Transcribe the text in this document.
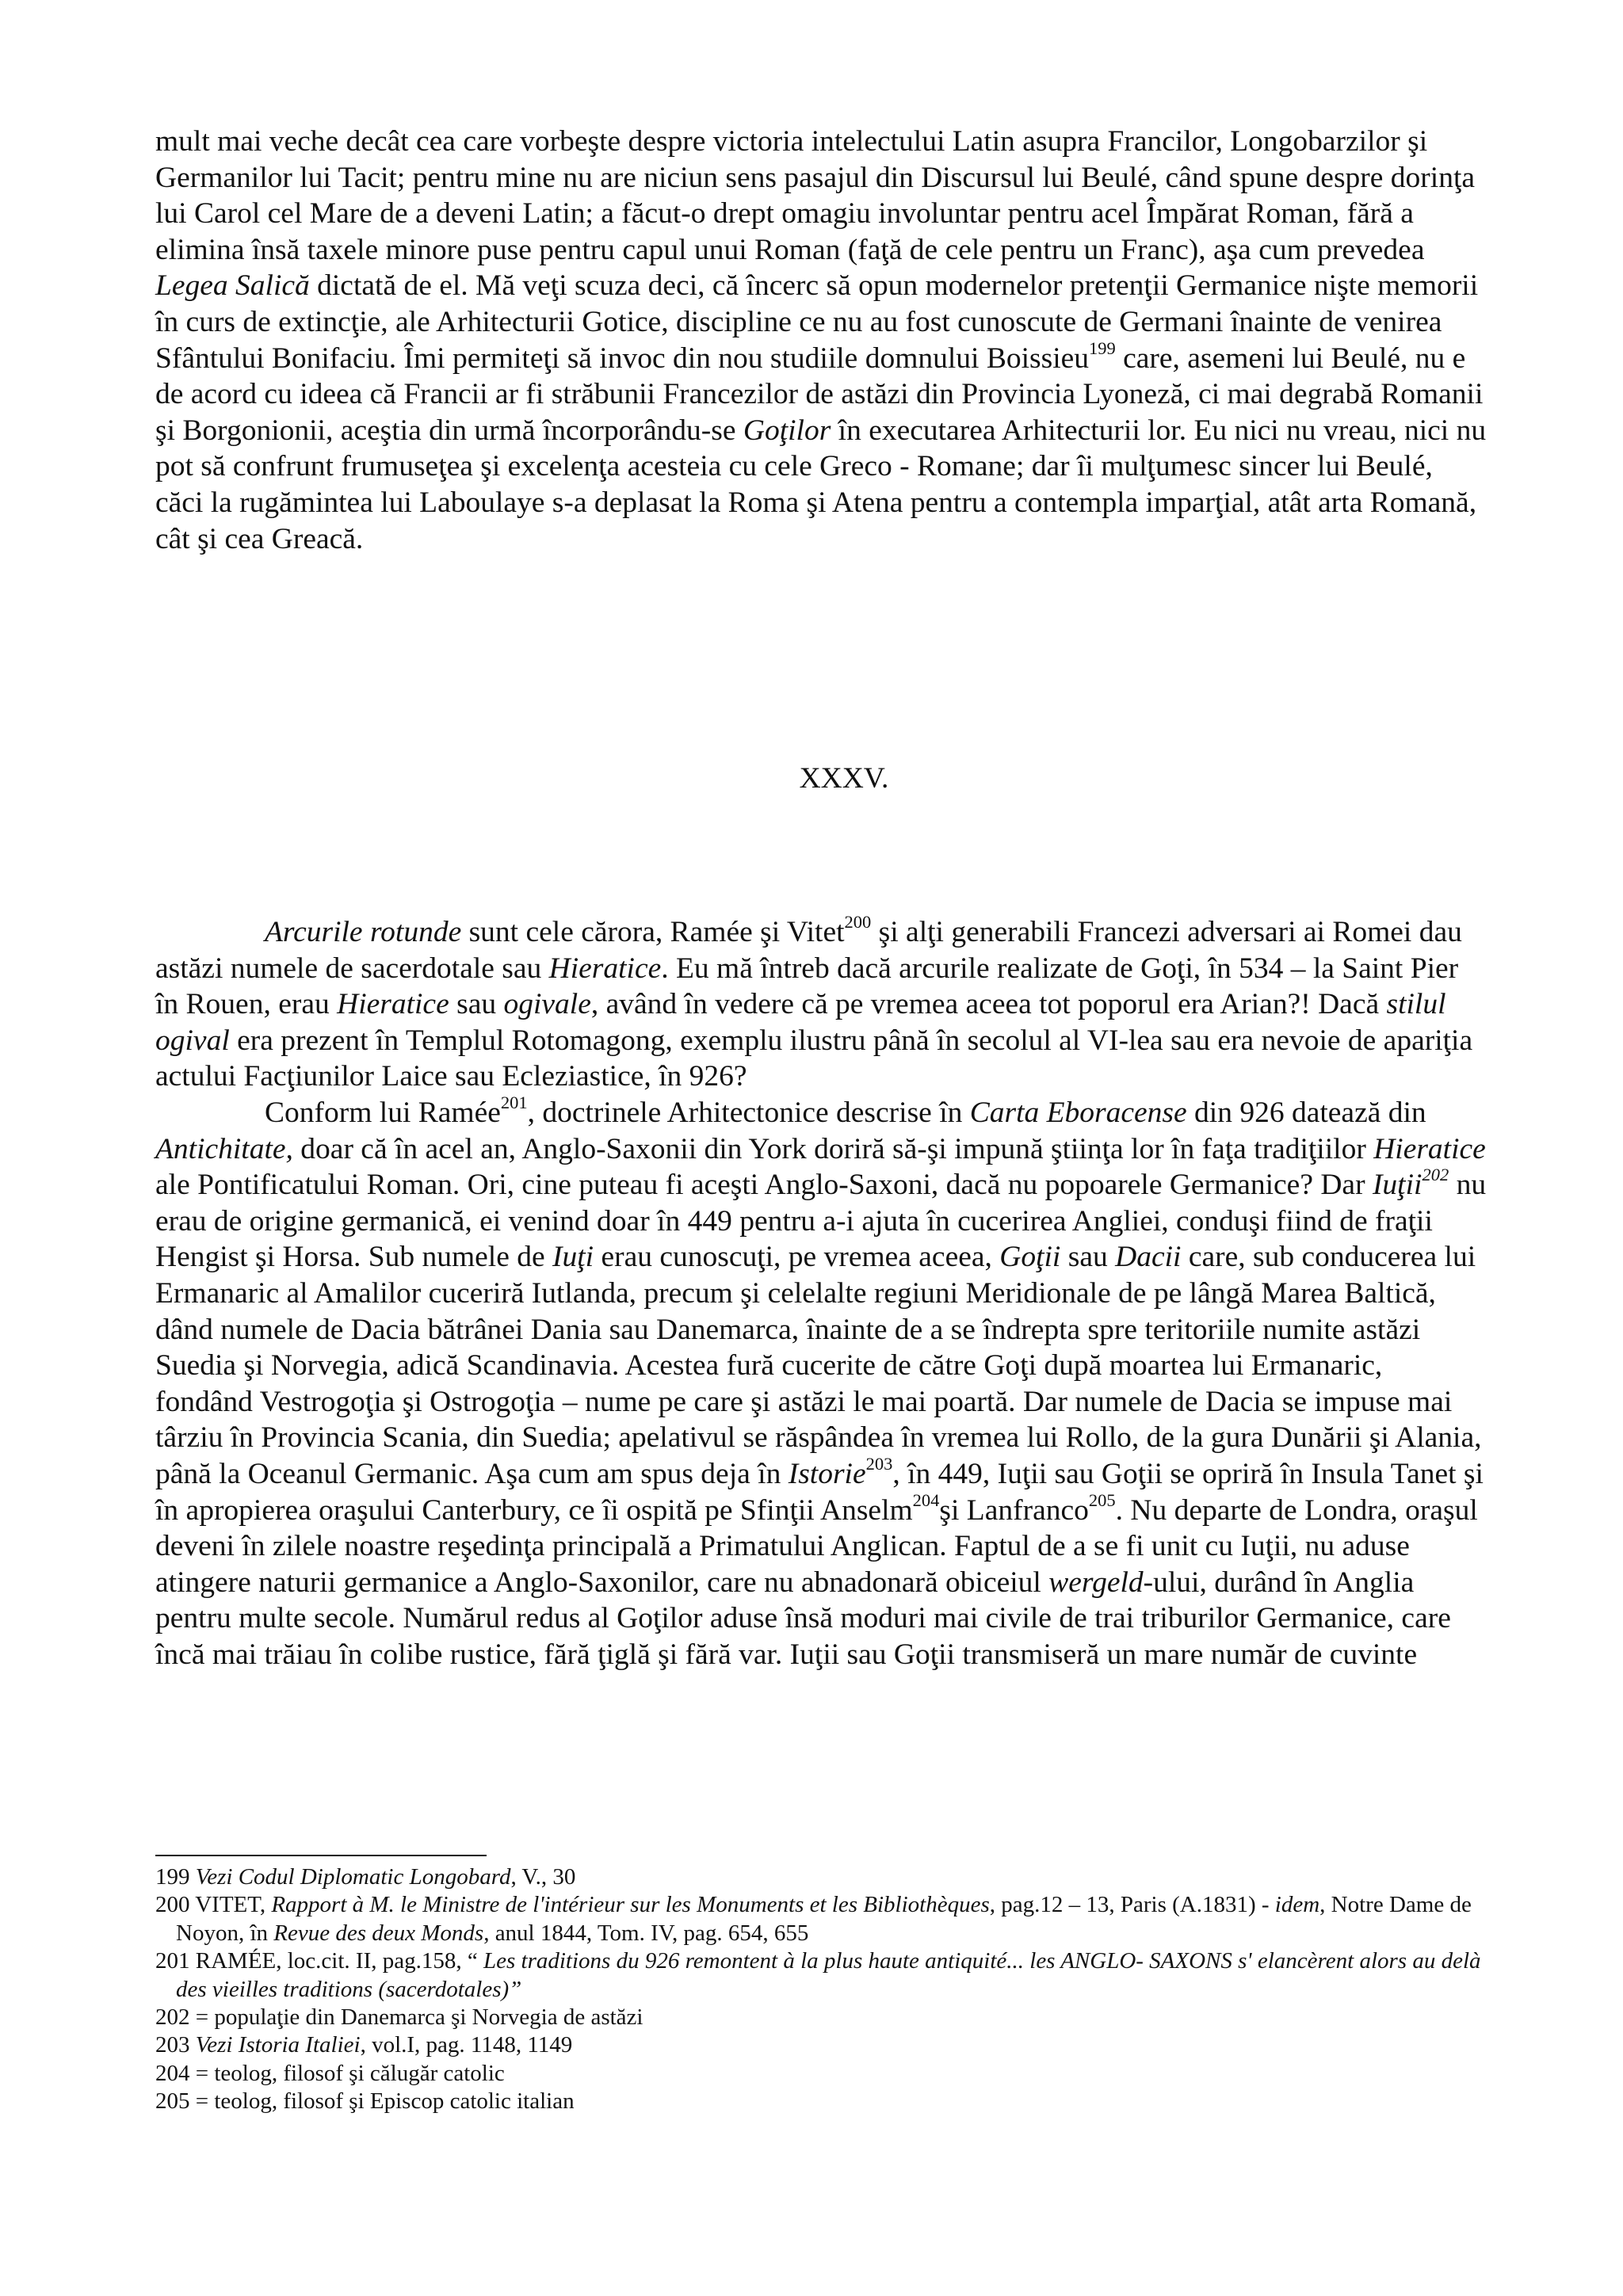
mult mai veche decât cea care vorbeşte despre victoria intelectului Latin asupra Francilor, Longobarzilor şi Germanilor lui Tacit; pentru mine nu are niciun sens pasajul din Discursul lui Beulé, când spune despre dorinţa lui Carol cel Mare de a deveni Latin; a făcut-o drept omagiu involuntar pentru acel Împărat Roman, fără a elimina însă taxele minore puse pentru capul unui Roman (faţă de cele pentru un Franc), aşa cum prevedea Legea Salică dictată de el. Mă veţi scuza deci, că încerc să opun modernelor pretenţii Germanice nişte memorii în curs de extincţie, ale Arhitecturii Gotice, discipline ce nu au fost cunoscute de Germani înainte de venirea Sfântului Bonifaciu. Îmi permiteţi să invoc din nou studiile domnului Boissieu$^{199}$ care, asemeni lui Beulé, nu e de acord cu ideea că Francii ar fi străbunii Francezilor de astăzi din Provincia Lyoneză, ci mai degrabă Romanii şi Borgonionii, aceştia din urmă încorporându-se Goţilor în executarea Arhitecturii lor. Eu nici nu vreau, nici nu pot să confrunt frumuseţea şi excelenţa acesteia cu cele Greco - Romane; dar îi mulţumesc sincer lui Beulé, căci la rugămintea lui Laboulaye s-a deplasat la Roma şi Atena pentru a contempla imparţial, atât arta Romană, cât şi cea Greacă.

XXXV.

Arcurile rotunde sunt cele cărora, Ramée şi Vitet$^{200}$ şi alţi generabili Francezi adversari ai Romei dau astăzi numele de sacerdotale sau Hieratice. Eu mă întreb dacă arcurile realizate de Goţi, în 534 – la Saint Pier în Rouen, erau Hieratice sau ogivale, având în vedere că pe vremea aceea tot poporul era Arian?! Dacă stilul ogival era prezent în Templul Rotomagong, exemplu ilustru până în secolul al VI-lea sau era nevoie de apariţia actului Facţiunilor Laice sau Ecleziastice, în 926?

Conform lui Ramée$^{201}$, doctrinele Arhitectonice descrise în Carta Eboracense din 926 datează din Antichitate, doar că în acel an, Anglo-Saxonii din York doriră să-şi impună ştiinţa lor în faţa tradiţiilor Hieratice ale Pontificatului Roman. Ori, cine puteau fi aceşti Anglo-Saxoni, dacă nu popoarele Germanice? Dar Iuţii$^{202}$ nu erau de origine germanică, ei venind doar în 449 pentru a-i ajuta în cucerirea Angliei, conduşi fiind de fraţii Hengist şi Horsa. Sub numele de Iuţi erau cunoscuţi, pe vremea aceea, Goţii sau Dacii care, sub conducerea lui Ermanaric al Amalilor cuceriră Iutlanda, precum şi celelalte regiuni Meridionale de pe lângă Marea Baltică, dând numele de Dacia bătrânei Dania sau Danemarca, înainte de a se îndrepta spre teritoriile numite astăzi Suedia şi Norvegia, adică Scandinavia. Acestea fură cucerite de către Goţi după moartea lui Ermanaric, fondând Vestrogoţia şi Ostrogoţia – nume pe care şi astăzi le mai poartă. Dar numele de Dacia se impuse mai târziu în Provincia Scania, din Suedia; apelativul se răspândea în vremea lui Rollo, de la gura Dunării şi Alania, până la Oceanul Germanic. Aşa cum am spus deja în Istorie$^{203}$, în 449, Iuţii sau Goţii se opriră în Insula Tanet şi în apropierea oraşului Canterbury, ce îi ospită pe Sfinţii Anselm$^{204}$şi Lanfranco$^{205}$. Nu departe de Londra, oraşul deveni în zilele noastre reşedinţa principală a Primatului Anglican. Faptul de a se fi unit cu Iuţii, nu aduse atingere naturii germanice a Anglo-Saxonilor, care nu abnadonară obiceiul wergeld-ului, durând în Anglia pentru multe secole. Numărul redus al Goţilor aduse însă moduri mai civile de trai triburilor Germanice, care încă mai trăiau în colibe rustice, fără ţiglă şi fără var. Iuţii sau Goţii transmiseră un mare număr de cuvinte

199 Vezi Codul Diplomatic Longobard, V., 30

200 VITET, Rapport à M. le Ministre de l'intérieur sur les Monuments et les Bibliothèques, pag.12 – 13, Paris (A.1831) - idem, Notre Dame de Noyon, în Revue des deux Monds, anul 1844, Tom. IV, pag. 654, 655

201 RAMÉE, loc.cit. II, pag.158, “ Les traditions du 926 remontent à la plus haute antiquité... les ANGLO- SAXONS s' elancèrent alors au delà des vieilles traditions (sacerdotales)”

202 = populaţie din Danemarca şi Norvegia de astăzi

203 Vezi Istoria Italiei, vol.I, pag. 1148, 1149

204 = teolog, filosof şi călugăr catolic

205 = teolog, filosof şi Episcop catolic italian
